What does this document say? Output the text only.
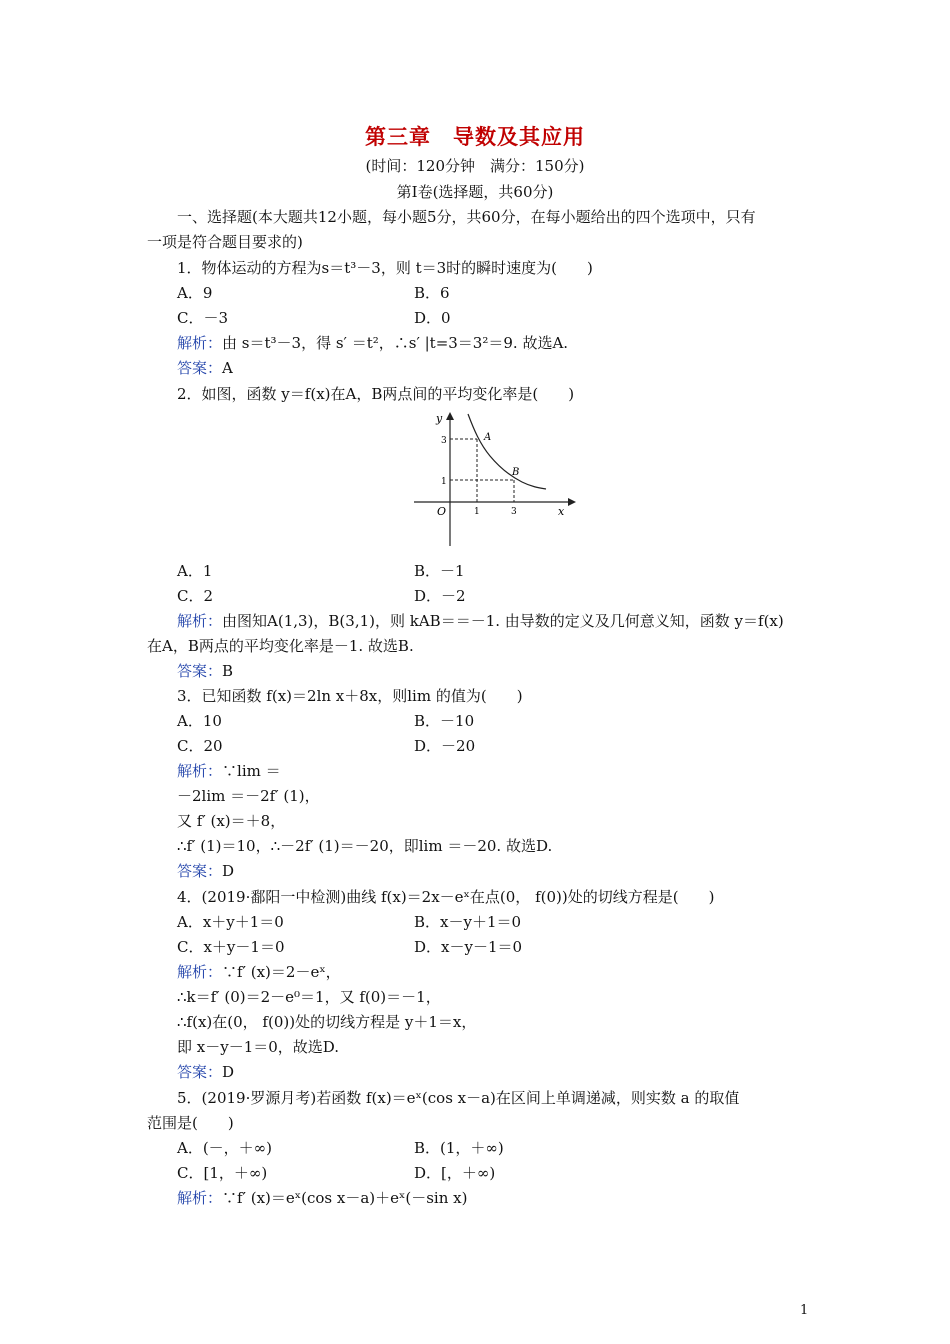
第三章　导数及其应用
(时间：120分钟　满分：150分)
第Ⅰ卷(选择题，共60分)
一、选择题(本大题共12小题，每小题5分，共60分，在每小题给出的四个选项中，只有
一项是符合题目要求的)
1．物体运动的方程为s＝t³－3，则 t＝3时的瞬时速度为(　　)
A．9	B．6
C．－3	D．0
解析：由 s＝t³－3，得 s′ ＝t²，∴s′ |t=3＝3²＝9. 故选A.
答案：A
2．如图，函数 y＝f(x)在A，B两点间的平均变化率是(　　)
y
x
O
3
1
1	3
A
B
A．1	B．－1
C．2	D．－2
解析：由图知A(1,3)，B(3,1)，则 kAB＝＝－1. 由导数的定义及几何意义知，函数 y＝f(x)
在A，B两点的平均变化率是－1. 故选B.
答案：B
3．已知函数 f(x)＝2ln x＋8x，则lim 的值为(　　)
A．10	B．－10
C．20	D．－20
解析：∵lim ＝
－2lim ＝－2f′ (1)，
又 f′ (x)＝＋8，
∴f′ (1)＝10，∴－2f′ (1)＝－20，即lim ＝－20. 故选D.
答案：D
4．(2019·鄱阳一中检测)曲线 f(x)＝2x－eˣ在点(0， f(0))处的切线方程是(　　)
A．x＋y＋1＝0	B．x－y＋1＝0
C．x＋y－1＝0	D．x－y－1＝0
解析：∵f′ (x)＝2－eˣ，
∴k＝f′ (0)＝2－e⁰＝1，又 f(0)＝－1，
∴f(x)在(0， f(0))处的切线方程是 y＋1＝x，
即 x－y－1＝0，故选D.
答案：D
5．(2019·罗源月考)若函数 f(x)＝eˣ(cos x－a)在区间上单调递减，则实数 a 的取值
范围是(　　)
A．(－，＋∞)	B．(1，＋∞)
C．[1，＋∞)	D．[，＋∞)
解析：∵f′ (x)＝eˣ(cos x－a)＋eˣ(－sin x)
1
